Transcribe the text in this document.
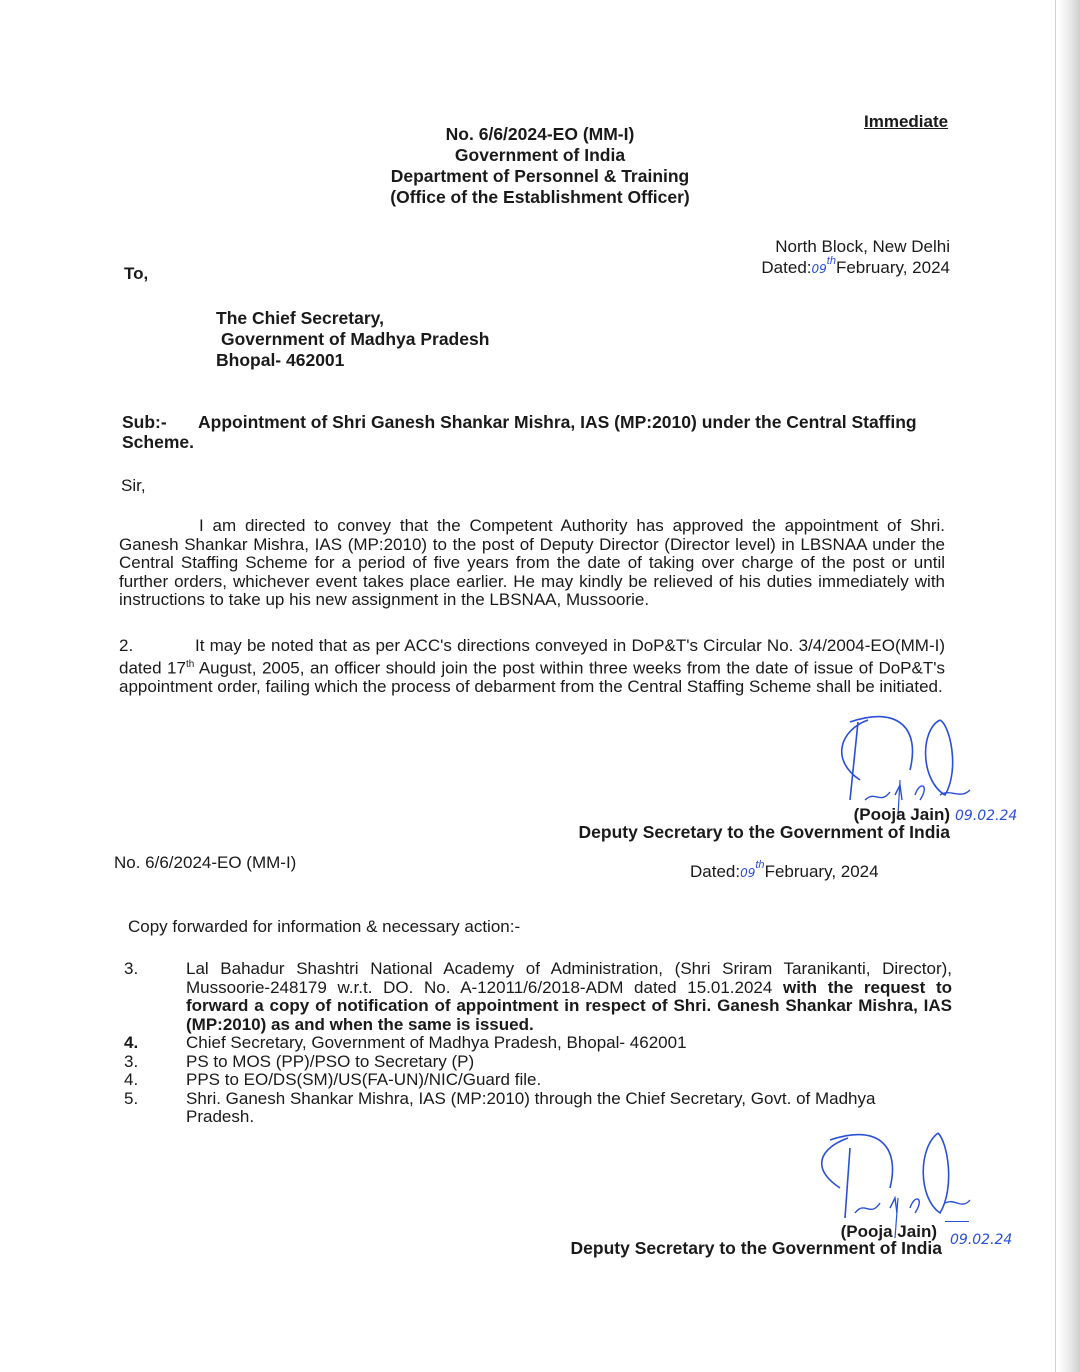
Immediate
No. 6/6/2024-EO (MM-I)
Government of India
Department of Personnel & Training
(Office of the Establishment Officer)
North Block, New Delhi
Dated:09thFebruary, 2024
To,
The Chief Secretary,
Government of Madhya Pradesh
Bhopal- 462001
Sub:- Appointment of Shri Ganesh Shankar Mishra, IAS (MP:2010) under the Central Staffing Scheme.
Sir,
I am directed to convey that the Competent Authority has approved the appointment of Shri. Ganesh Shankar Mishra, IAS (MP:2010) to the post of Deputy Director (Director level) in LBSNAA under the Central Staffing Scheme for a period of five years from the date of taking over charge of the post or until further orders, whichever event takes place earlier. He may kindly be relieved of his duties immediately with instructions to take up his new assignment in the LBSNAA, Mussoorie.
2.	It may be noted that as per ACC's directions conveyed in DoP&T's Circular No. 3/4/2004-EO(MM-I) dated 17th August, 2005, an officer should join the post within three weeks from the date of issue of DoP&T's appointment order, failing which the process of debarment from the Central Staffing Scheme shall be initiated.
(Pooja Jain) 09.02.24
Deputy Secretary to the Government of India
No. 6/6/2024-EO (MM-I)	Dated:09thFebruary, 2024
Copy forwarded for information & necessary action:-
3.	Lal Bahadur Shashtri National Academy of Administration, (Shri Sriram Taranikanti, Director), Mussoorie-248179 w.r.t. DO. No. A-12011/6/2018-ADM dated 15.01.2024 with the request to forward a copy of notification of appointment in respect of Shri. Ganesh Shankar Mishra, IAS (MP:2010) as and when the same is issued.
4.	Chief Secretary, Government of Madhya Pradesh, Bhopal- 462001
3.	PS to MOS (PP)/PSO to Secretary (P)
4.	PPS to EO/DS(SM)/US(FA-UN)/NIC/Guard file.
5.	Shri. Ganesh Shankar Mishra, IAS (MP:2010) through the Chief Secretary, Govt. of Madhya Pradesh.
(Pooja Jain) 09.02.24
Deputy Secretary to the Government of India
